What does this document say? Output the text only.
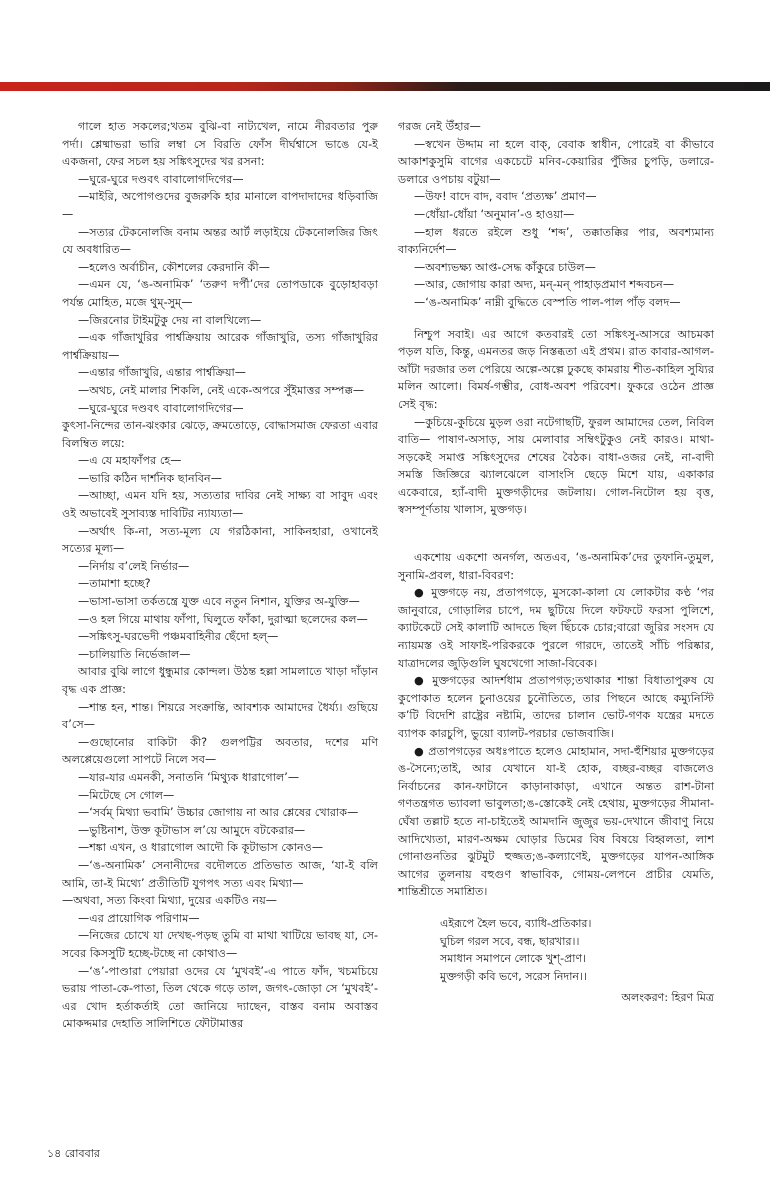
গালে হাত সকলের;খতম বুঝি-বা নাট্যখেল, নামে নীরবতার পুরু পর্দা। শ্লেষ্মাভরা ভারি লম্বা সে বিরতি ফোঁস দীর্ঘশ্বাসে ভাঙে যে-ই একজনা, ফের সচল হয় সঙ্কিৎসুদের খর রসনা:

—ঘুরে-ঘুরে দণ্ডবৎ বাবালোগদিগের—

—মাইরি, অপোগণ্ডদের বুজরুকি হার মানালে বাপদাদাদের ধড়িবাজি—

—সত্যর টেকনোলজি বনাম অন্তর আর্ট লড়াইয়ে টেকনোলজির জিৎ যে অবধারিত—

—হলেও অর্বাচীন, কৌশলের কেরদানি কী—

—এমন যে, ‘ঙ-অনামিক’ ‘তরুণ দর্পী’দের তোপডাকে বুড়োহাবড়া পর্যন্ত মোহিত, মজে থুম্-সুম্—

—জিরনোর টাইমটুকু দেয় না বালখিল্যে—

—এক গাঁজাখুরির পার্শ্বক্রিয়ায় আরেক গাঁজাখুরি, তস্য গাঁজাখুরির পার্শ্বক্রিয়ায়—

—এন্তার গাঁজাখুরি, এন্তার পার্শ্বক্রিয়া—

—অথচ, নেই মালার শিকলি, নেই একে-অপরে সুঁইমাত্তর সম্পক্ক—

—ঘুরে-ঘুরে দণ্ডবৎ বাবালোগদিগের—

কুৎসা-নিন্দের তান-ঝংকার ঝেড়ে, ক্রমতোড়ে, বোদ্ধাসমাজ ফেরতা এবার বিলম্বিত লয়ে:

—এ যে মহাফাঁপর হে—

—ভারি কঠিন দার্শনিক ছানবিন—

—আচ্ছা, এমন যদি হয়, সত্যতার দাবির নেই সাক্ষ্য বা সাবুদ এবং ওই অভাবেই সুসাব্যস্ত দাবিটির ন্যায্যতা—

—অর্থাৎ কি-না, সত্য-মূল্য যে গরঠিকানা, সাকিনহারা, ওখানেই সত্যের মূল্য—

—নির্দায় ব’লেই নির্ভার—

—তামাশা হচ্ছে?

—ভাসা-ভাসা তর্কতন্ত্রে যুক্ত এবে নতুন নিশান, যুক্তির অ-যুক্তি—

—ও হল গিয়ে মাথায় ফাঁপা, ঘিলুতে ফাঁকা, দুরাত্মা ছলেদের কল—

—সঙ্কিৎসু-ঘরভেদী পঞ্চমবাহিনীর ছেঁদো হল্—

—চালিয়াতি নির্ভেজাল—

আবার বুঝি লাগে ধুন্ধুমার কোন্দল। উঠন্ত হল্লা সামলাতে খাড়া দাঁড়ান বৃদ্ধ এক প্রাজ্ঞ:

—শান্ত হন, শান্ত। শিয়রে সংক্রান্তি, আবশ্যক আমাদের ধৈর্য্য। গুছিয়ে ব’সে—

—গুছোনোর বাকিটা কী? গুলপট্টির অবতার, দশের মণি অলপ্পেয়েগুলো সাপটে নিলে সব—

—যার-যার এমনকী, সনাতনি ‘মিথ্যুক ধারাগোল’—

—মিটেছে সে গোল—

—‘সর্বম্ মিথ্যা ভবামি’ উচ্চার জোগায় না আর শ্লেষের খোরাক—

—ভুষ্টিনাশ, উক্ত কূটাভাস ল’য়ে আমুদে বটকেরার—

—শঙ্কা এখন, ও ধারাগোল আদৌ কি কূটাভাস কোনও—

—‘ঙ-অনামিক’ সেনানীদের বদৌলতে প্রতিভাত আজ, ‘যা-ই বলি আমি, তা-ই মিথ্যে’ প্রতীতিটি যুগপৎ সত্য এবং মিথ্যা—

—অথবা, সত্য কিংবা মিথ্যা, দুয়ের একটিও নয়—

—এর প্রায়োগিক পরিণাম—

—নিজের চোখে যা দেখছ-পড়ছ তুমি বা মাথা খাটিয়ে ভাবছ যা, সে-সবের কিসসুটি হচ্ছে-টচ্ছে না কোথাও—

—‘ঙ’-পাণ্ডারা পেয়ারা ওদের যে ‘মুখবই’-এ পাতে ফাঁদ, খচমচিয়ে ভরায় পাতা-কে-পাতা, তিল থেকে গড়ে তাল, জগৎ-জোড়া সে ‘মুখবই’-এর খোদ হর্তাকর্তাই তো জানিয়ে দ্যাছেন, বাস্তব বনাম অবাস্তব মোকদ্দমার দেহাতি সালিশিতে ফৌটামাত্তর

গরজ নেই উঁহার—

—স্বখেন উদ্দাম না হলে বাক্, বেবাক স্বাধীন, পোরেই বা কীভাবে আকাশকুসুমি বাগের একচেটে মনিব-কেয়ারির পুঁজির চুপড়ি, ডলারে-ডলারে ওপচায় বটুয়া—

—উফ! বাদে বাদ, ববাদ ‘প্রত্যক্ষ’ প্রমাণ—

—ধোঁয়া-ধোঁয়া ‘অনুমান’-ও হাওয়া—

—হাল ধরতে রইলে শুধু ‘শব্দ’, তক্কাতক্কির পার, অবশ্যমান্য বাক্যনির্দেশ—

—অবশ্যভক্ষ্য আপ্ত-সেদ্ধ কাঁকুরে চাউল—

—আর, জোগায় কারা অদ্য, মন্-মন্ পাহাড়প্রমাণ শব্দবচন—

—‘ঙ-অনামিক’ নাম্নী বুদ্ধিতে বেস্পতি পাল-পাল পাঁড় বলদ—

নিশ্চুপ সবাই। এর আগে কতবারই তো সঙ্কিৎসু-আসরে আচমকা পড়ল যতি, কিন্তু, এমনতর জড় নিস্তব্ধতা এই প্রথম। রাত কাবার-আগল-আঁটা দরজার তল পেরিয়ে অল্পে-অল্পে ঢুকছে কামরায় শীত-কাহিল সুয্যির মলিন আলো। বিমর্ষ-গম্ভীর, বোধ-অবশ পরিবেশ। ফুকরে ওঠেন প্রাজ্ঞ সেই বৃদ্ধ:

—কুচিয়ে-কুচিয়ে মুড়ল ওরা নটেগাছটি, ফুরল আমাদের তেল, নিবিল বাতি— পাষাণ-অসাড়, সায় মেলাবার সম্বিৎটুকুও নেই কারও। মাথা-সড়কেই সমাপ্ত সঙ্কিৎসুদের শেষের বৈঠক। বাধা-ওজর নেই, না-বাদী সমস্তি জিজ্ঞিরে ঝ্যালঝেলে বাসাংসি ছেড়ে মিশে যায়, একাকার একেবারে, হ্যাঁ-বাদী মুক্তগড়ীদের জটলায়। গোল-নিটোল হয় বৃত্ত, স্বসম্পূর্ণতায় খালাস, মুক্তগড়।

একশোয় একশো অনর্গল, অতএব, ‘ঙ-অনামিক’দের তুফানি-তুমুল, সুনামি-প্রবল, ধারা-বিবরণ:

● মুক্তগড়ে নয়, প্রতাপগড়ে, মুসকো-কালা যে লোকটার কণ্ঠ ‘পর জানুবারে, গোড়ালির চাপে, দম ছুটিয়ে দিলে ফটফটে ফরসা পুলিশে, ক্যাটকেটে সেই কালাটি আদতে ছিল ছিঁচকে চোর;বারো জুরির সংসদ যে ন্যায়মস্ত ওই সাফাই-পরিকরকে পুরলে গারদে, তাতেই সাঁচি পরিষ্কার, যাত্রাদলের জুড়িগুলি ঘুষখেগো সাজা-বিবেক।

● মুক্তগড়ের আদর্শধাম প্রতাপগড়;তথাকার শান্তা বিধাতাপুরুষ যে কুপোকাত হলেন চুনাওয়ের চুনৌতিতে, তার পিছনে আছে কম্যুনিস্টি ক’টি বিদেশি রাষ্ট্রের নষ্টামি, তাদের চালান ভোট-গণক যন্ত্রের মদতে ব্যাপক কারচুপি, ভুয়ো ব্যালট-পরচার ভোজবাজি।

● প্রতাপগড়ের অধঃপাতে হলেও মোহামান, সদা-হুঁশিয়ার মুক্তগড়ের ঙ-সৈন্যে;তাই, আর যেখানে যা-ই হোক, বচ্ছর-বচ্ছর বাজলেও নির্বাচনের কান-ফাটানে কাড়ানাকাড়া, এখানে অন্তত রাশ-টানা গণতন্ত্রগত ভ্যাবলা ভাবুলতা;ঙ-স্তোকেই নেই হেথায়, মুক্তগড়ের সীমানা-ঘেঁষা তল্লাট হতে না-চাইতেই আমদানি জুজুর ভয়-দেখানে জীবাণু নিয়ে আদিখ্যেতা, মারণ-অক্ষম ঘোড়ার ডিমের বিষ বিষয়ে বিহ্বলতা, লাশ গোনাগুনতির ঝুটমুট হুজ্জত;ঙ-কল্যাণেই, মুক্তগড়ের যাপন-আঙ্গিক আগের তুলনায় বহুগুণ স্বাভাবিক, গোময়-লেপনে প্রাচীর যেমতি, শান্তিশ্রীতে সমাশ্রিত।

এইরূপে হৈল ভবে, ব্যাধি-প্রতিকার।
ঘুচিল গরল সবে, বন্ধ, ছারখার।।
সমাধান সমাপনে লোকে খুশ্-প্রাণ।
মুক্তগড়ী কবি ভণে, সরেস নিদান।।
অলংকরণ: হিরণ মিত্র
১৪ রোববার
